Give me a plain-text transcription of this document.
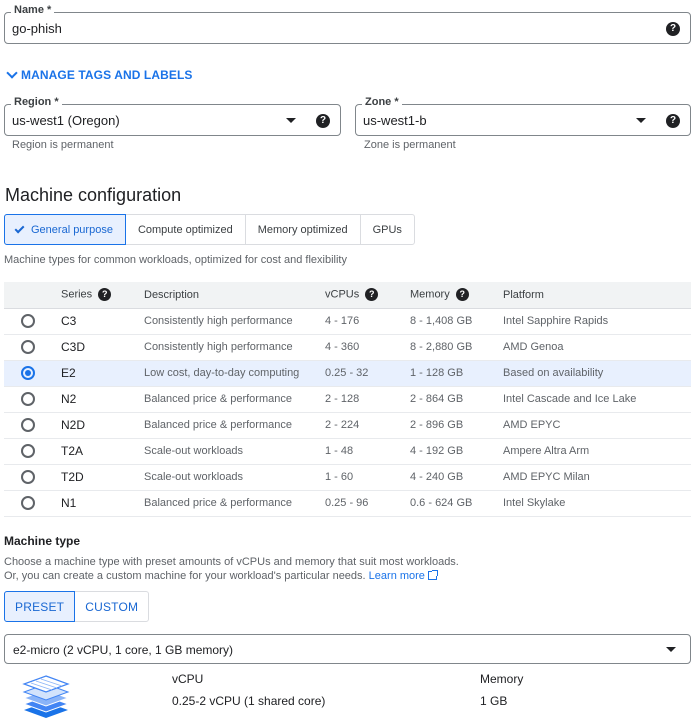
Name *
go-phish	?
MANAGE TAGS AND LABELS
Region *
us-west1 (Oregon)	?
Region is permanent
Zone *
us-west1-b	?
Zone is permanent
Machine configuration
General purpose Compute optimized Memory optimized GPUs
Machine types for common workloads, optimized for cost and flexibility
	Series ?	Description	vCPUs ?	Memory ?	Platform

	C3	Consistently high performance	4 - 176	8 - 1,408 GB	Intel Sapphire Rapids

	C3D	Consistently high performance	4 - 360	8 - 2,880 GB	AMD Genoa

	E2	Low cost, day-to-day computing	0.25 - 32	1 - 128 GB	Based on availability

	N2	Balanced price & performance	2 - 128	2 - 864 GB	Intel Cascade and Ice Lake

	N2D	Balanced price & performance	2 - 224	2 - 896 GB	AMD EPYC

	T2A	Scale-out workloads	1 - 48	4 - 192 GB	Ampere Altra Arm

	T2D	Scale-out workloads	1 - 60	4 - 240 GB	AMD EPYC Milan

	N1	Balanced price & performance	0.25 - 96	0.6 - 624 GB	Intel Skylake
Machine type
Choose a machine type with preset amounts of vCPUs and memory that suit most workloads.
Or, you can create a custom machine for your workload's particular needs. Learn more
PRESET	CUSTOM
e2-micro (2 vCPU, 1 core, 1 GB memory)
vCPU
0.25-2 vCPU (1 shared core)
Memory
1 GB
